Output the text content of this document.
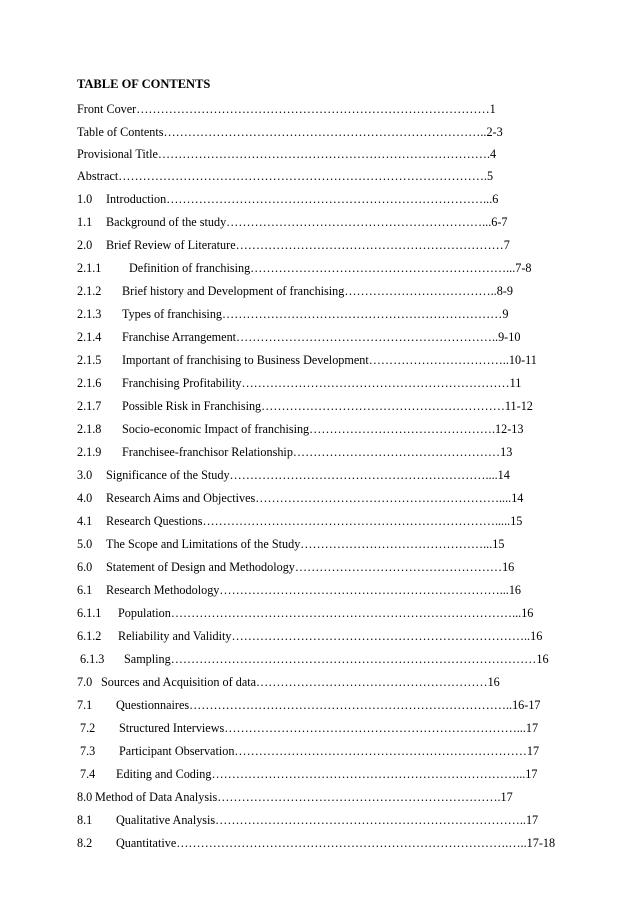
TABLE OF CONTENTS
Front Cover……………………………………………………………………………1
Table of Contents……………………………………………………………………..2-3
Provisional Title……………………………………………………………………….4
Abstract……………………………………………………………………………….5
1.0 Introduction……………………………………………………………………...6
1.1 Background of the study………………………………………………………...6-7
2.0 Brief Review of Literature…………………………………………………………7
2.1.1 Definition of franchising………………………………………………………...7-8
2.1.2 Brief history and Development of franchising………………………………..8-9
2.1.3 Types of franchising……………………………………………………………9
2.1.4 Franchise Arrangement………………………………………………………..9-10
2.1.5 Important of franchising to Business Development……………………………..10-11
2.1.6 Franchising Profitability…………………………………………………………11
2.1.7 Possible Risk in Franchising……………………………………………………11-12
2.1.8 Socio-economic Impact of franchising……………………………………….12-13
2.1.9 Franchisee-franchisor Relationship……………………………………………13
3.0 Significance of the Study………………………………………………………....14
4.0 Research Aims and Objectives……………………………………………………....14
4.1 Research Questions……………………………………………………………….....15
5.0 The Scope and Limitations of the Study………………………………………...15
6.0 Statement of Design and Methodology……………………………………………16
6.1 Research Methodology……………………………………………………………...16
6.1.1 Population…………………………………………………………………………...16
6.1.2 Reliability and Validity………………………………………………………………..16
6.1.3 Sampling………………………………………………………………………………16
7.0 Sources and Acquisition of data…………………………………………………16
7.1 Questionnaires……………………………………………………………………..16-17
7.2 Structured Interviews………………………………………………………………...17
7.3 Participant Observation………………………………………………………………17
7.4 Editing and Coding…………………………………………………………………...17
8.0 Method of Data Analysis…………………………………………………………….17
8.1 Qualitative Analysis…………………………………………………………………..17
8.2 Quantitative……………………………………………………………………….…..17-18
